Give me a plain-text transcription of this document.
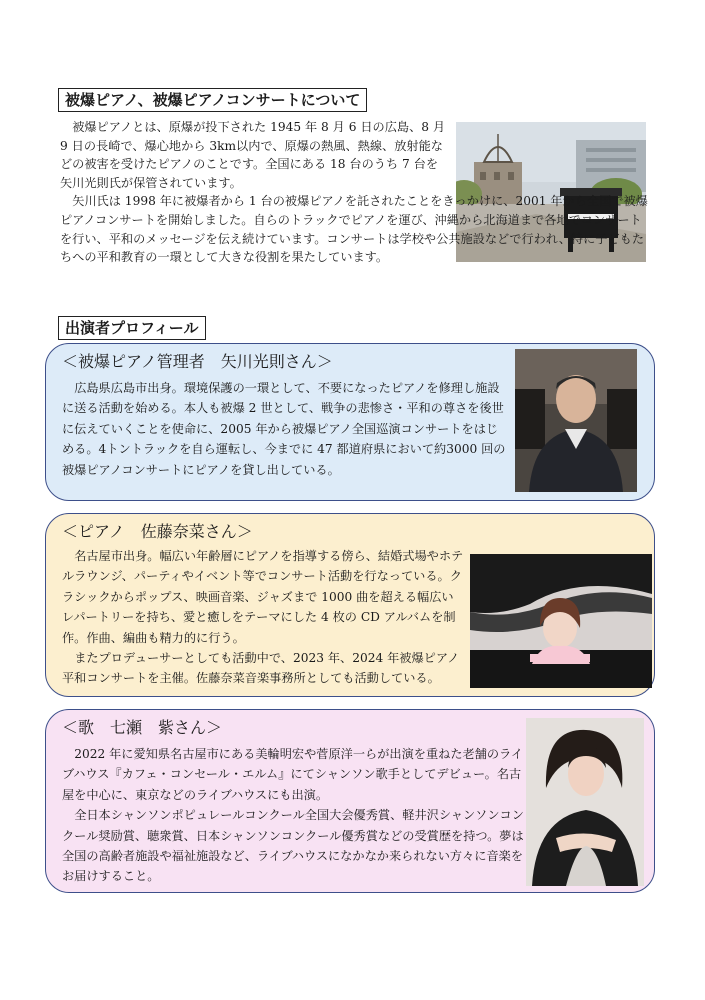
被爆ピアノ、被爆ピアノコンサートについて

被爆ピアノとは、原爆が投下された 1945 年 8 月 6 日の広島、8 月 9 日の長崎で、爆心地から 3km以内で、原爆の熱風、熱線、放射能などの被害を受けたピアノのことです。全国にある 18 台のうち 7 台を矢川光則氏が保管されています。

矢川氏は 1998 年に被爆者から 1 台の被爆ピアノを託されたことをきっかけに、2001 年から全国で被爆ピアノコンサートを開始しました。自らのトラックでピアノを運び、沖縄から北海道まで各地でコンサートを行い、平和のメッセージを伝え続けています。コンサートは学校や公共施設などで行われ、特に子どもたちへの平和教育の一環として大きな役割を果たしています。

出演者プロフィール
＜被爆ピアノ管理者　矢川光則さん＞

広島県広島市出身。環境保護の一環として、不要になったピアノを修理し施設に送る活動を始める。本人も被爆 2 世として、戦争の悲惨さ・平和の尊さを後世に伝えていくことを使命に、2005 年から被爆ピアノ全国巡演コンサートをはじめる。4トントラックを自ら運転し、今までに 47 都道府県において約3000 回の被爆ピアノコンサートにピアノを貸し出している。

＜ピアノ　佐藤奈菜さん＞

名古屋市出身。幅広い年齢層にピアノを指導する傍ら、結婚式場やホテルラウンジ、パーティやイベント等でコンサート活動を行なっている。クラシックからポップス、映画音楽、ジャズまで 1000 曲を超える幅広いレパートリーを持ち、愛と癒しをテーマにした 4 枚の CD アルバムを制作。作曲、編曲も精力的に行う。

またプロデューサーとしても活動中で、2023 年、2024 年被爆ピアノ平和コンサートを主催。佐藤奈菜音楽事務所としても活動している。

＜歌　七瀬　紫さん＞

2022 年に愛知県名古屋市にある美輪明宏や菅原洋一らが出演を重ねた老舗のライブハウス『カフェ・コンセール・エルム』にてシャンソン歌手としてデビュー。名古屋を中心に、東京などのライブハウスにも出演。

全日本シャンソンポピュレールコンクール全国大会優秀賞、軽井沢シャンソンコンクール奨励賞、聴衆賞、日本シャンソンコンクール優秀賞などの受賞歴を持つ。夢は全国の高齢者施設や福祉施設など、ライブハウスになかなか来られない方々に音楽をお届けすること。
